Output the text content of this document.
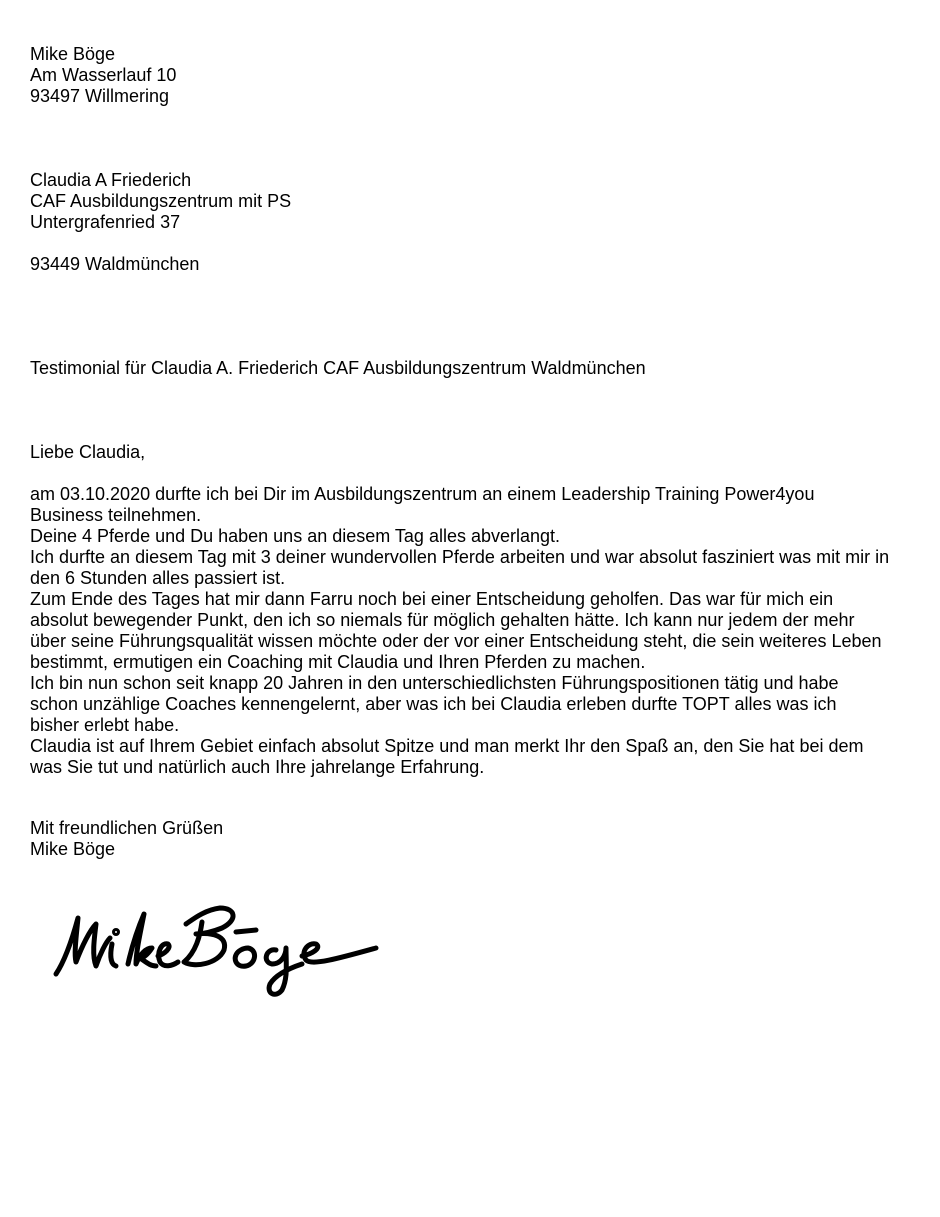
Mike Böge
Am Wasserlauf 10
93497 Willmering
Claudia A Friederich
CAF Ausbildungszentrum mit PS
Untergrafenried 37

93449 Waldmünchen
Testimonial für Claudia A. Friederich CAF Ausbildungszentrum Waldmünchen
Liebe Claudia,
am 03.10.2020 durfte ich bei Dir im Ausbildungszentrum an einem Leadership Training Power4you Business teilnehmen.
Deine 4 Pferde und Du haben uns an diesem Tag alles abverlangt.
Ich durfte an diesem Tag mit 3 deiner wundervollen Pferde arbeiten und war absolut fasziniert was mit mir in den 6 Stunden alles passiert ist.
Zum Ende des Tages hat mir dann Farru noch bei einer Entscheidung geholfen. Das war für mich ein absolut bewegender Punkt, den ich so niemals für möglich gehalten hätte. Ich kann nur jedem der mehr über seine Führungsqualität wissen möchte oder der vor einer Entscheidung steht, die sein weiteres Leben bestimmt, ermutigen ein Coaching mit Claudia und Ihren Pferden zu machen.
Ich bin nun schon seit knapp 20 Jahren in den unterschiedlichsten Führungspositionen tätig und habe schon unzählige Coaches kennengelernt, aber was ich bei Claudia erleben durfte TOPT alles was ich bisher erlebt habe.
Claudia ist auf Ihrem Gebiet einfach absolut Spitze und man merkt Ihr den Spaß an, den Sie hat bei dem was Sie tut und natürlich auch Ihre jahrelange Erfahrung.
Mit freundlichen Grüßen
Mike Böge
